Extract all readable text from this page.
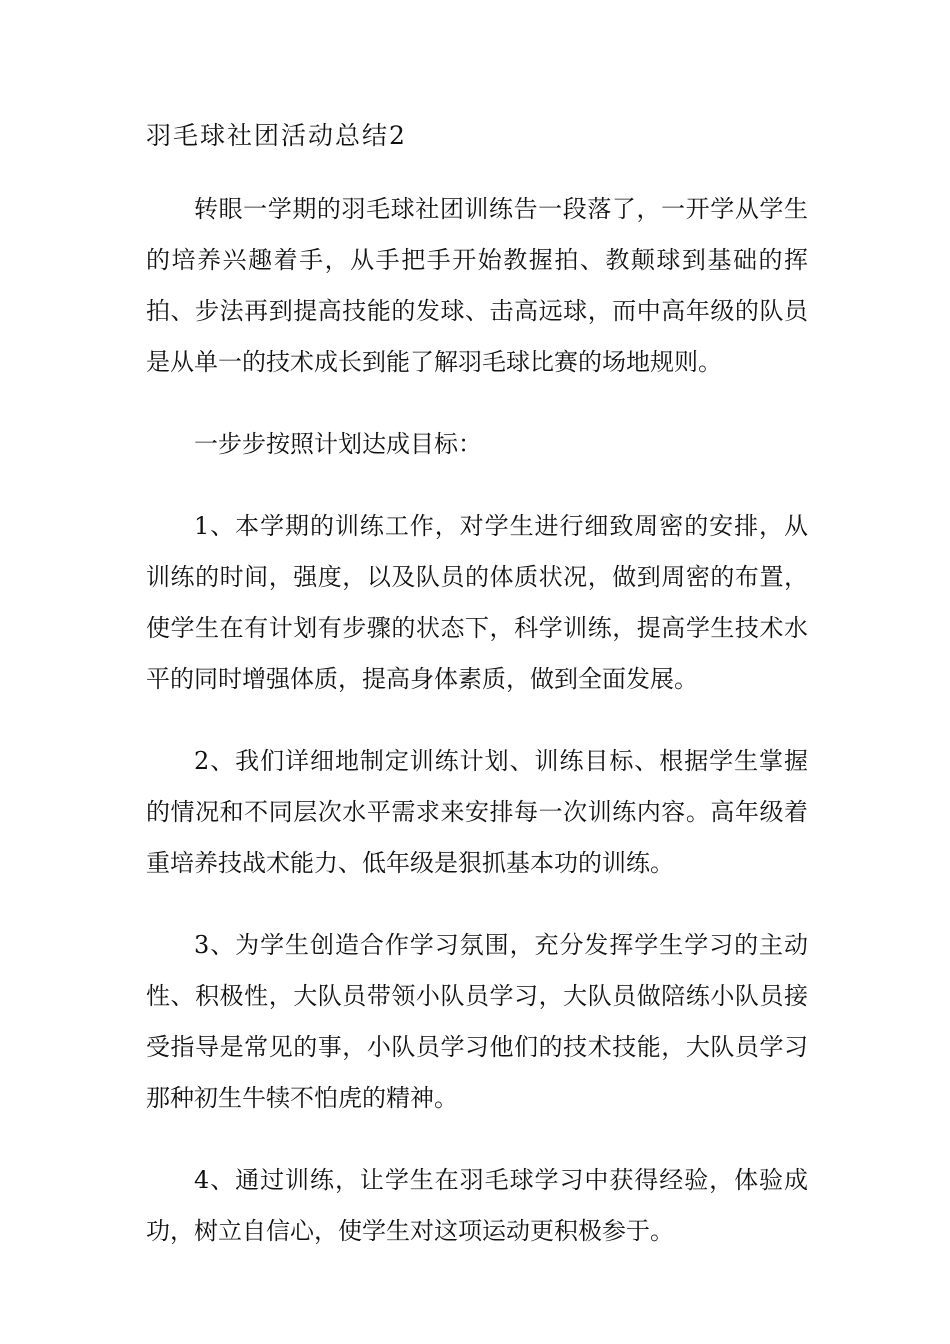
羽毛球社团活动总结2

转眼一学期的羽毛球社团训练告一段落了，一开学从学生的培养兴趣着手，从手把手开始教握拍、教颠球到基础的挥拍、步法再到提高技能的发球、击高远球，而中高年级的队员是从单一的技术成长到能了解羽毛球比赛的场地规则。

一步步按照计划达成目标：

1、本学期的训练工作，对学生进行细致周密的安排，从训练的时间，强度，以及队员的体质状况，做到周密的布置，使学生在有计划有步骤的状态下，科学训练，提高学生技术水平的同时增强体质，提高身体素质，做到全面发展。

2、我们详细地制定训练计划、训练目标、根据学生掌握的情况和不同层次水平需求来安排每一次训练内容。高年级着重培养技战术能力、低年级是狠抓基本功的训练。

3、为学生创造合作学习氛围，充分发挥学生学习的主动性、积极性，大队员带领小队员学习，大队员做陪练小队员接受指导是常见的事，小队员学习他们的技术技能，大队员学习那种初生牛犊不怕虎的精神。

4、通过训练，让学生在羽毛球学习中获得经验，体验成功，树立自信心，使学生对这项运动更积极参于。
